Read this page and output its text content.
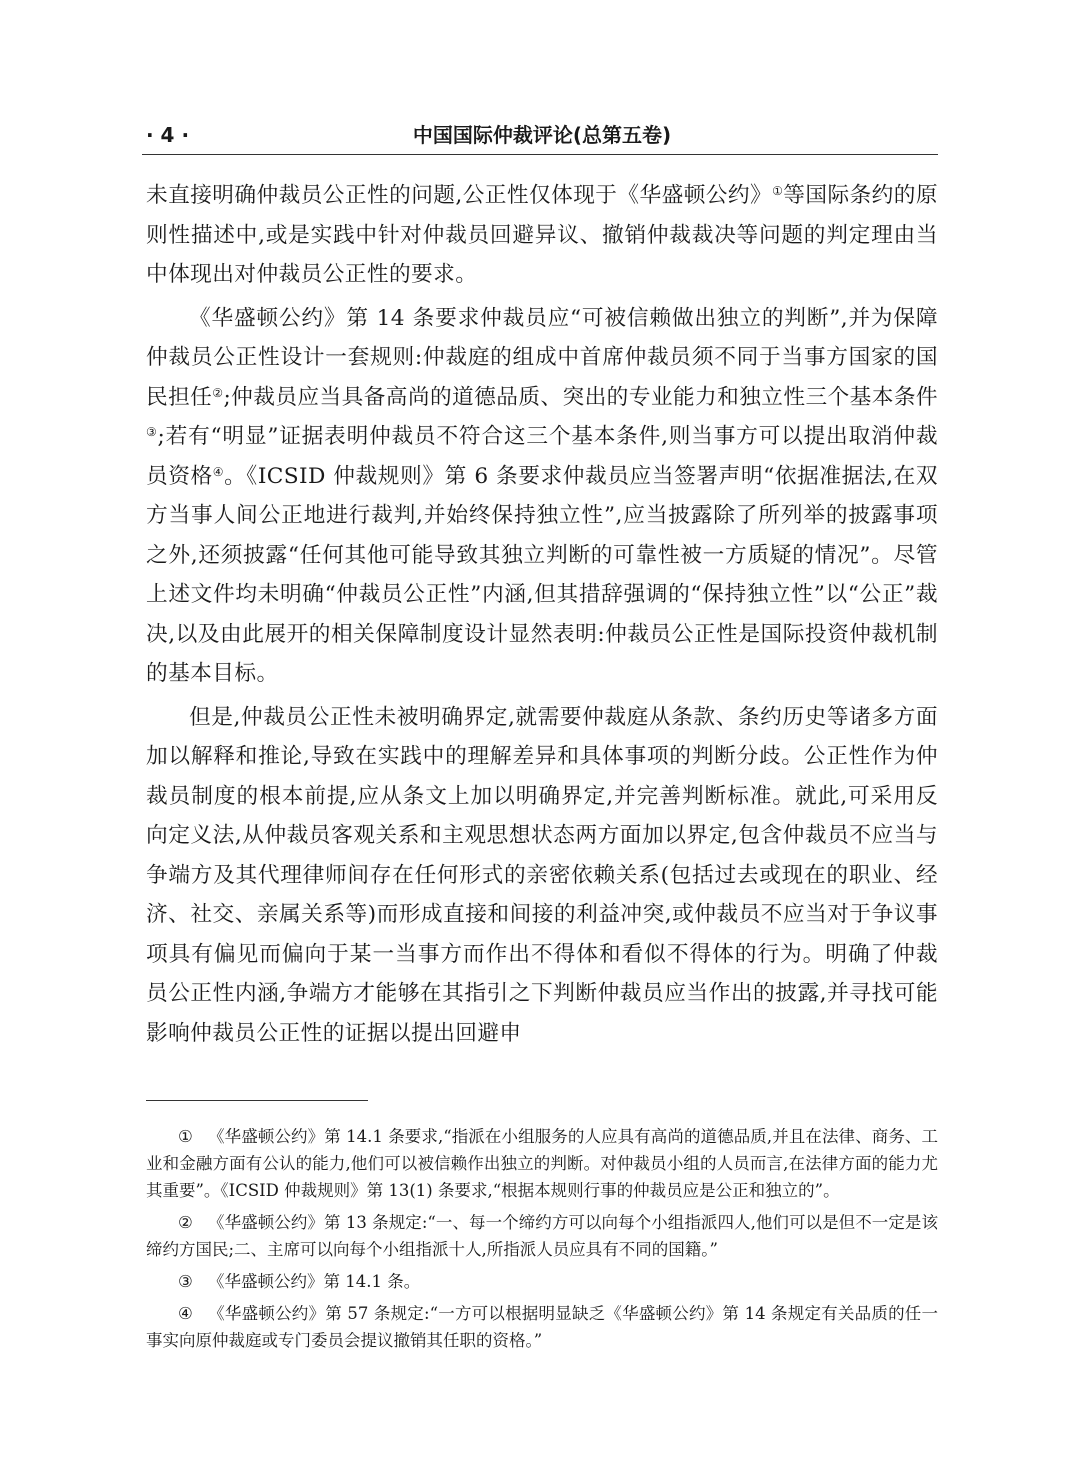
· 4 ·	中国国际仲裁评论(总第五卷)

未直接明确仲裁员公正性的问题,公正性仅体现于《华盛顿公约》①等国际条约的原则性描述中,或是实践中针对仲裁员回避异议、撤销仲裁裁决等问题的判定理由当中体现出对仲裁员公正性的要求。

《华盛顿公约》第 14 条要求仲裁员应“可被信赖做出独立的判断”,并为保障仲裁员公正性设计一套规则:仲裁庭的组成中首席仲裁员须不同于当事方国家的国民担任②;仲裁员应当具备高尚的道德品质、突出的专业能力和独立性三个基本条件③;若有“明显”证据表明仲裁员不符合这三个基本条件,则当事方可以提出取消仲裁员资格④。《ICSID 仲裁规则》第 6 条要求仲裁员应当签署声明“依据准据法,在双方当事人间公正地进行裁判,并始终保持独立性”,应当披露除了所列举的披露事项之外,还须披露“任何其他可能导致其独立判断的可靠性被一方质疑的情况”。尽管上述文件均未明确“仲裁员公正性”内涵,但其措辞强调的“保持独立性”以“公正”裁决,以及由此展开的相关保障制度设计显然表明:仲裁员公正性是国际投资仲裁机制的基本目标。

但是,仲裁员公正性未被明确界定,就需要仲裁庭从条款、条约历史等诸多方面加以解释和推论,导致在实践中的理解差异和具体事项的判断分歧。公正性作为仲裁员制度的根本前提,应从条文上加以明确界定,并完善判断标准。就此,可采用反向定义法,从仲裁员客观关系和主观思想状态两方面加以界定,包含仲裁员不应当与争端方及其代理律师间存在任何形式的亲密依赖关系(包括过去或现在的职业、经济、社交、亲属关系等)而形成直接和间接的利益冲突,或仲裁员不应当对于争议事项具有偏见而偏向于某一当事方而作出不得体和看似不得体的行为。明确了仲裁员公正性内涵,争端方才能够在其指引之下判断仲裁员应当作出的披露,并寻找可能影响仲裁员公正性的证据以提出回避申

① 《华盛顿公约》第 14.1 条要求,“指派在小组服务的人应具有高尚的道德品质,并且在法律、商务、工业和金融方面有公认的能力,他们可以被信赖作出独立的判断。对仲裁员小组的人员而言,在法律方面的能力尤其重要”。《ICSID 仲裁规则》第 13(1) 条要求,“根据本规则行事的仲裁员应是公正和独立的”。

② 《华盛顿公约》第 13 条规定:“一、每一个缔约方可以向每个小组指派四人,他们可以是但不一定是该缔约方国民;二、主席可以向每个小组指派十人,所指派人员应具有不同的国籍。”

③ 《华盛顿公约》第 14.1 条。

④ 《华盛顿公约》第 57 条规定:“一方可以根据明显缺乏《华盛顿公约》第 14 条规定有关品质的任一事实向原仲裁庭或专门委员会提议撤销其任职的资格。”
